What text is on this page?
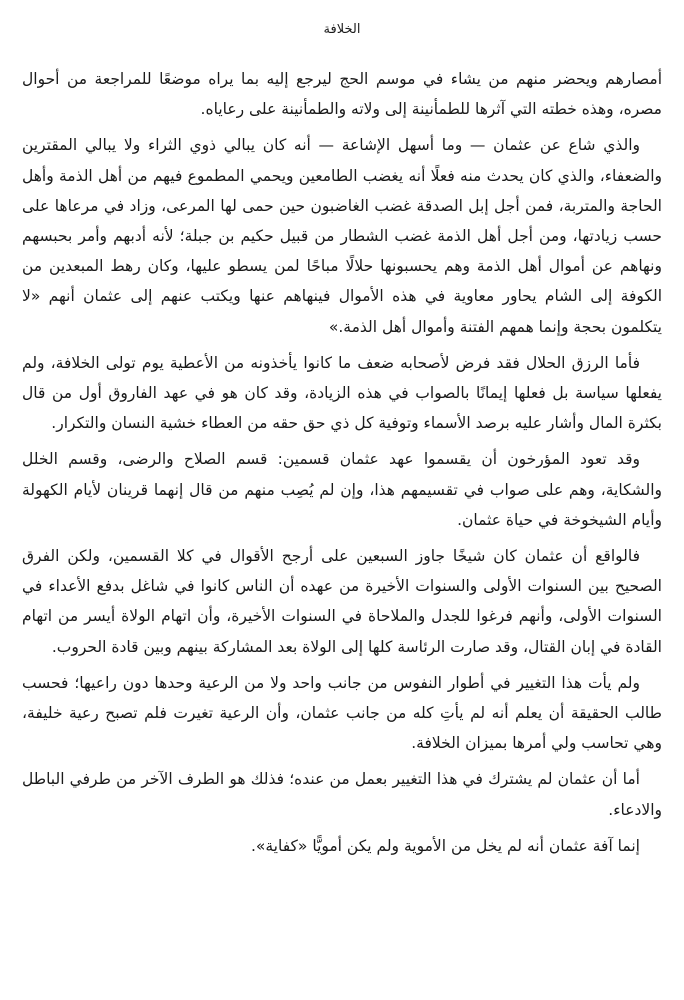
الخلافة

أمصارهم ويحضر منهم من يشاء في موسم الحج ليرجع إليه بما يراه موضعًا للمراجعة من أحوال مصره، وهذه خطته التي آثرها للطمأنينة إلى ولاته والطمأنينة على رعاياه.

والذي شاع عن عثمان — وما أسهل الإشاعة — أنه كان يبالي ذوي الثراء ولا يبالي المقترين والضعفاء، والذي كان يحدث منه فعلًا أنه يغضب الطامعين ويحمي المطموع فيهم من أهل الذمة وأهل الحاجة والمتربة، فمن أجل إبل الصدقة غضب الغاضبون حين حمى لها المرعى، وزاد في مرعاها على حسب زيادتها، ومن أجل أهل الذمة غضب الشطار من قبيل حكيم بن جبلة؛ لأنه أدبهم وأمر بحبسهم ونهاهم عن أموال أهل الذمة وهم يحسبونها حلالًا مباحًا لمن يسطو عليها، وكان رهط المبعدين من الكوفة إلى الشام يحاور معاوية في هذه الأموال فينهاهم عنها ويكتب عنهم إلى عثمان أنهم «لا يتكلمون بحجة وإنما همهم الفتنة وأموال أهل الذمة.»

فأما الرزق الحلال فقد فرض لأصحابه ضعف ما كانوا يأخذونه من الأعطية يوم تولى الخلافة، ولم يفعلها سياسة بل فعلها إيمانًا بالصواب في هذه الزيادة، وقد كان هو في عهد الفاروق أول من قال بكثرة المال وأشار عليه برصد الأسماء وتوفية كل ذي حق حقه من العطاء خشية النسان والتكرار.

وقد تعود المؤرخون أن يقسموا عهد عثمان قسمين: قسم الصلاح والرضى، وقسم الخلل والشكاية، وهم على صواب في تقسيمهم هذا، وإن لم يُصِب منهم من قال إنهما قرينان لأيام الكهولة وأيام الشيخوخة في حياة عثمان.

فالواقع أن عثمان كان شيخًا جاوز السبعين على أرجح الأقوال في كلا القسمين، ولكن الفرق الصحيح بين السنوات الأولى والسنوات الأخيرة من عهده أن الناس كانوا في شاغل بدفع الأعداء في السنوات الأولى، وأنهم فرغوا للجدل والملاحاة في السنوات الأخيرة، وأن اتهام الولاة أيسر من اتهام القادة في إبان القتال، وقد صارت الرئاسة كلها إلى الولاة بعد المشاركة بينهم وبين قادة الحروب.

ولم يأت هذا التغيير في أطوار النفوس من جانب واحد ولا من الرعية وحدها دون راعيها؛ فحسب طالب الحقيقة أن يعلم أنه لم يأتِ كله من جانب عثمان، وأن الرعية تغيرت فلم تصبح رعية خليفة، وهي تحاسب ولي أمرها بميزان الخلافة.

أما أن عثمان لم يشترك في هذا التغيير بعمل من عنده؛ فذلك هو الطرف الآخر من طرفي الباطل والادعاء.

إنما آفة عثمان أنه لم يخل من الأموية ولم يكن أمويًّا «كفاية».
